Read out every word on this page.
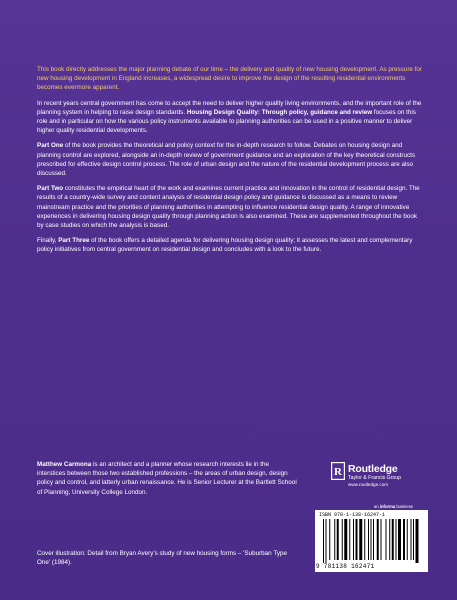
This book directly addresses the major planning debate of our time – the delivery and quality of new housing development. As pressure for new housing development in England increases, a widespread desire to improve the design of the resulting residential environments becomes evermore apparent.

In recent years central government has come to accept the need to deliver higher quality living environments, and the important role of the planning system in helping to raise design standards. Housing Design Quality: Through policy, guidance and review focuses on this role and in particular on how the various policy instruments available to planning authorities can be used in a positive manner to deliver higher quality residential developments.

Part One of the book provides the theoretical and policy context for the in-depth research to follow. Debates on housing design and planning control are explored, alongside an in-depth review of government guidance and an exploration of the key theoretical constructs prescribed for effective design control process. The role of urban design and the nature of the residential development process are also discussed.

Part Two constitutes the empirical heart of the work and examines current practice and innovation in the control of residential design. The results of a country-wide survey and content analysis of residential design policy and guidance is discussed as a means to review mainstream practice and the priorities of planning authorities in attempting to influence residential design quality. A range of innovative experiences in delivering housing design quality through planning action is also examined. These are supplemented throughout the book by case studies on which the analysis is based.

Finally, Part Three of the book offers a detailed agenda for delivering housing design quality; it assesses the latest and complementary policy initiatives from central government on residential design and concludes with a look to the future.

Matthew Carmona is an architect and a planner whose research interests lie in the interstices between those two established professions – the areas of urban design, design policy and control, and latterly urban renaissance. He is Senior Lecturer at the Bartlett School of Planning, University College London.
Cover illustration: Detail from Bryan Avery's study of new housing forms – 'Suburban Type One' (1984).
R Routledge
Taylor & Francis Group
www.routledge.com
an informa business
ISBN 978-1-138-16247-1
9 781138 162471
